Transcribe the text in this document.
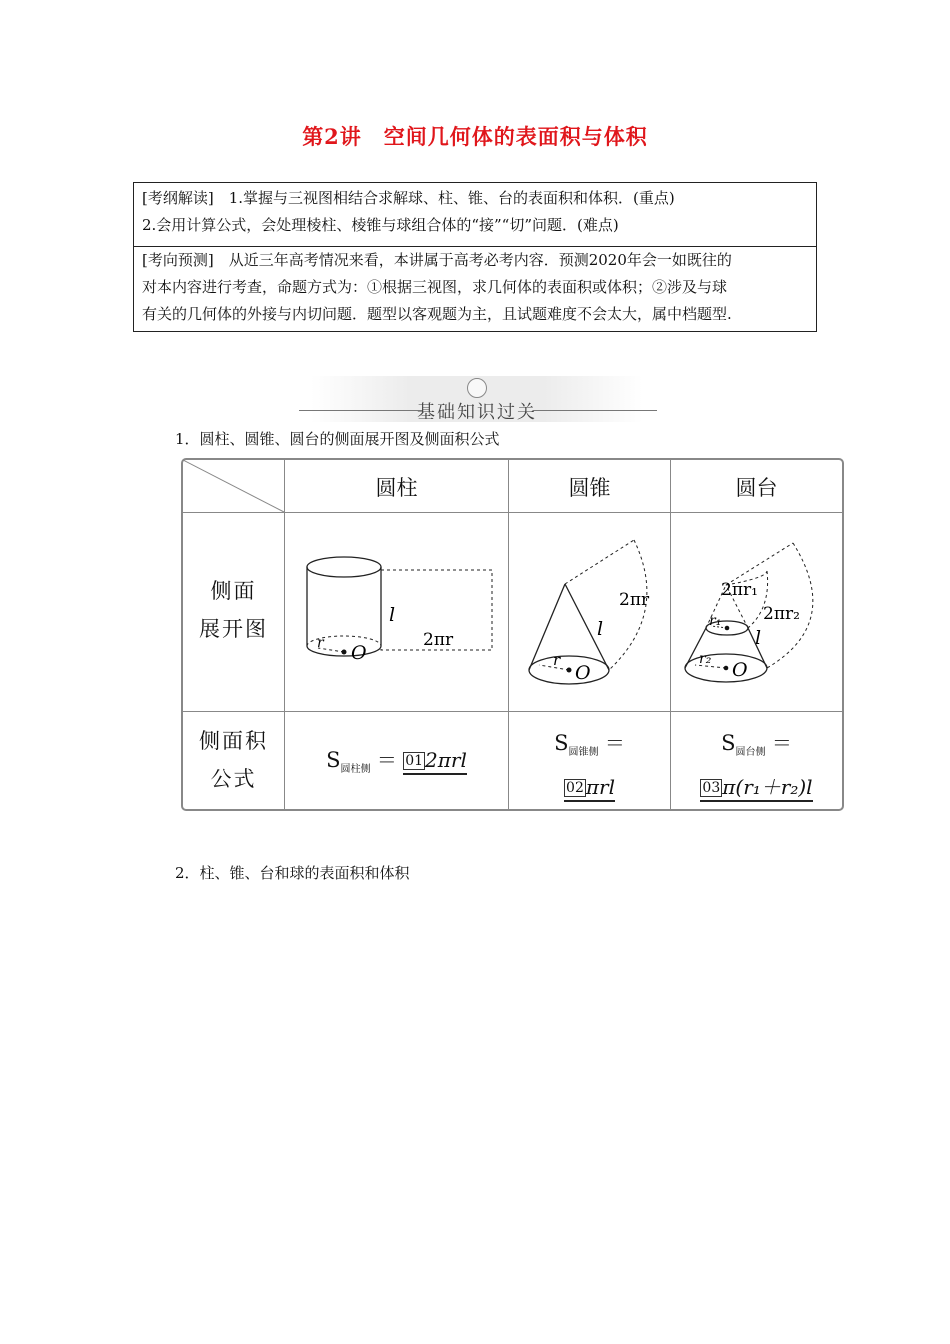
第2讲　空间几何体的表面积与体积
[考纲解读]　1.掌握与三视图相结合求解球、柱、锥、台的表面积和体积．(重点)
2.会用计算公式，会处理棱柱、棱锥与球组合体的“接”“切”问题．(难点)
[考向预测]　从近三年高考情况来看，本讲属于高考必考内容．预测2020年会一如既往的
对本内容进行考查，命题方式为：①根据三视图，求几何体的表面积或体积；②涉及与球
有关的几何体的外接与内切问题．题型以客观题为主，且试题难度不会太大，属中档题型.
基础知识过关
1．圆柱、圆锥、圆台的侧面展开图及侧面积公式
圆柱	圆锥	圆台
侧面
展开图
侧面积
公式
l
2πr
r O
2πr
l
r
O
2πr₁
2πr₂
r₁
l
r₂ O
$S_{圆柱侧} = 01$ 2πrl
$S_{圆锥侧}$ ＝
02 πrl
$S_{圆台侧}$ ＝
03 π(r₁＋r₂)l
2．柱、锥、台和球的表面积和体积
